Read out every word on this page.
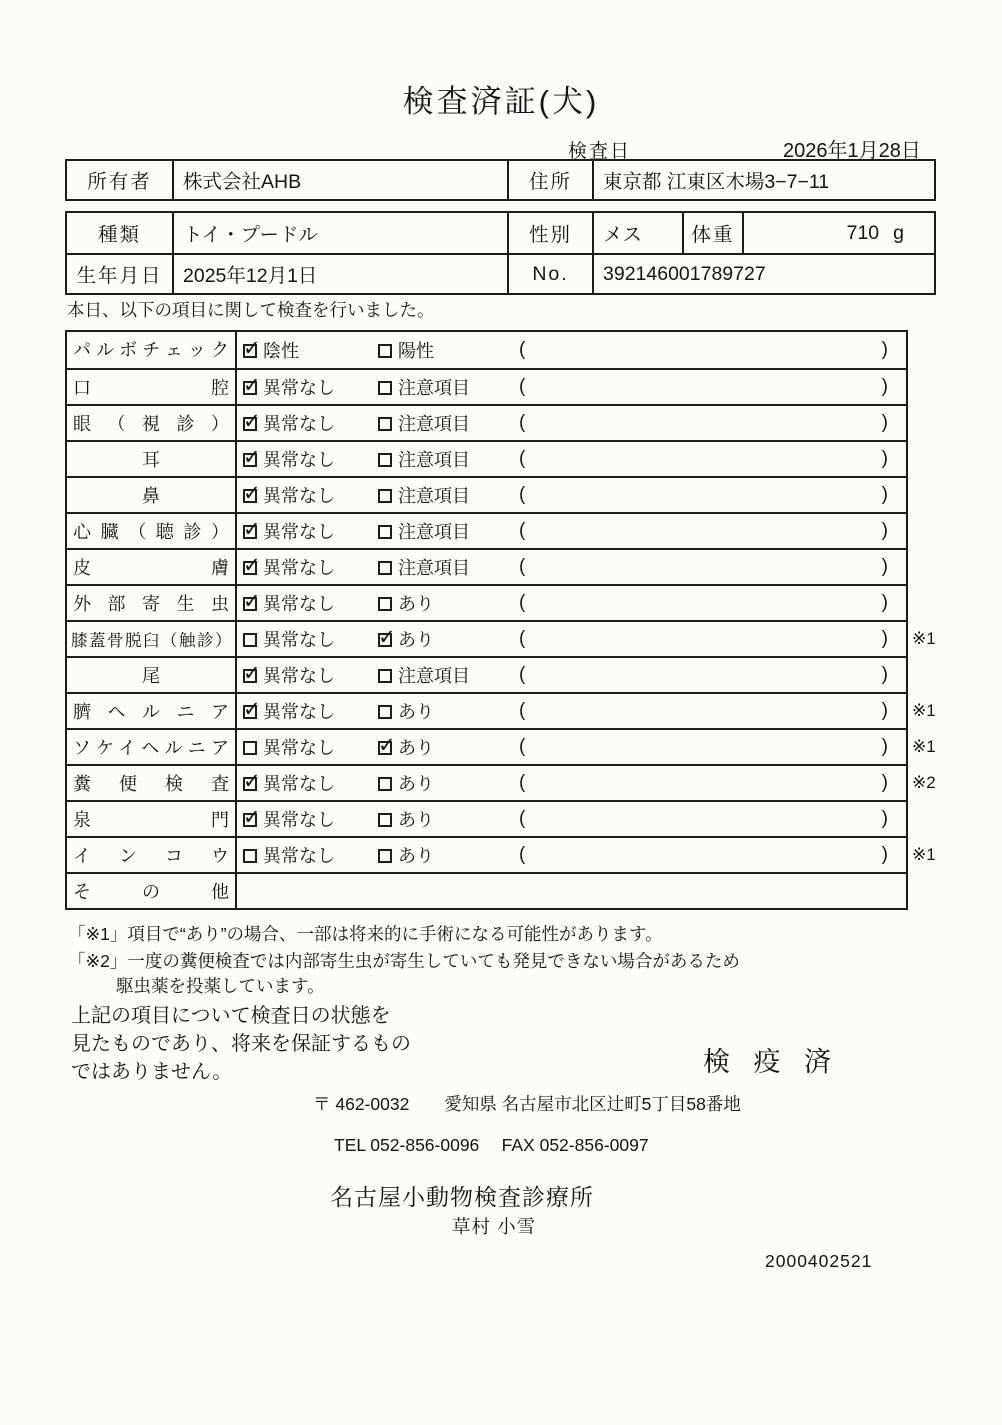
検査済証(犬)
検査日	2026年1月28日
所有者	株式会社AHB	住所	東京都 江東区木場3−7−11
種類	トイ・プードル	性別	メス	体重	710 g
生年月日	2025年12月1日	No.	392146001789727
本日、以下の項目に関して検査を行いました。
パルボチェック ✓	陰性	陽性	(	)
口腔 ✓	異常なし	注意項目	(	)
眼（視診） ✓	異常なし	注意項目	(	)
耳 ✓	異常なし	注意項目	(	)
鼻 ✓	異常なし	注意項目	(	)
心臓（聴診） ✓	異常なし	注意項目	(	)
皮膚 ✓	異常なし	注意項目	(	)
外部寄生虫 ✓	異常なし	あり	(	)
膝蓋骨脱臼（触診）	異常なし ✓	あり	(	) ※1
尾 ✓	異常なし	注意項目	(	)
臍ヘルニア ✓	異常なし	あり	(	) ※1
ソケイヘルニア	異常なし ✓	あり	(	) ※1
糞便検査 ✓	異常なし	あり	(	) ※2
泉門 ✓	異常なし	あり	(	)
インコウ	異常なし	あり	(	) ※1
その他
「※1」項目で“あり”の場合、一部は将来的に手術になる可能性があります。
「※2」一度の糞便検査では内部寄生虫が寄生していても発見できない場合があるため
駆虫薬を投薬しています。
上記の項目について検査日の状態を
見たものであり、将来を保証するもの
ではありません。	検 疫 済
〒 462-0032　　愛知県 名古屋市北区辻町5丁目58番地
TEL 052-856-0096　 FAX 052-856-0097
名古屋小動物検査診療所
草村 小雪
2000402521
